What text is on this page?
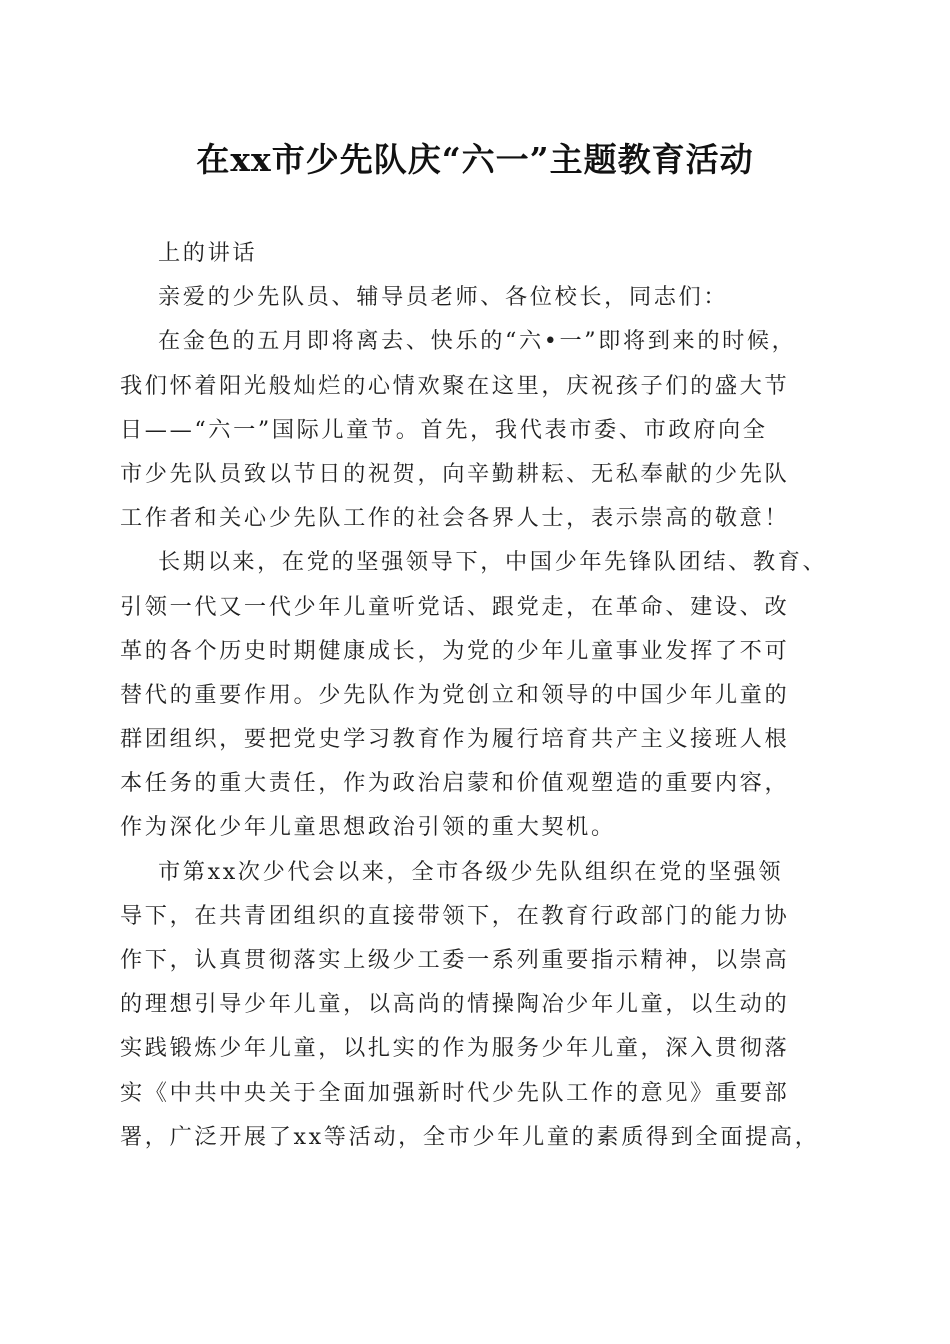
在xx市少先队庆“六一”主题教育活动
上的讲话
亲爱的少先队员、辅导员老师、各位校长，同志们：
在金色的五月即将离去、快乐的“六•一”即将到来的时候，
我们怀着阳光般灿烂的心情欢聚在这里，庆祝孩子们的盛大节
日——“六一”国际儿童节。首先，我代表市委、市政府向全
市少先队员致以节日的祝贺，向辛勤耕耘、无私奉献的少先队
工作者和关心少先队工作的社会各界人士，表示崇高的敬意！
长期以来，在党的坚强领导下，中国少年先锋队团结、教育、
引领一代又一代少年儿童听党话、跟党走，在革命、建设、改
革的各个历史时期健康成长，为党的少年儿童事业发挥了不可
替代的重要作用。少先队作为党创立和领导的中国少年儿童的
群团组织，要把党史学习教育作为履行培育共产主义接班人根
本任务的重大责任，作为政治启蒙和价值观塑造的重要内容，
作为深化少年儿童思想政治引领的重大契机。
市第xx次少代会以来，全市各级少先队组织在党的坚强领
导下，在共青团组织的直接带领下，在教育行政部门的能力协
作下，认真贯彻落实上级少工委一系列重要指示精神，以崇高
的理想引导少年儿童，以高尚的情操陶冶少年儿童，以生动的
实践锻炼少年儿童，以扎实的作为服务少年儿童，深入贯彻落
实《中共中央关于全面加强新时代少先队工作的意见》重要部
署，广泛开展了xx等活动，全市少年儿童的素质得到全面提高，
